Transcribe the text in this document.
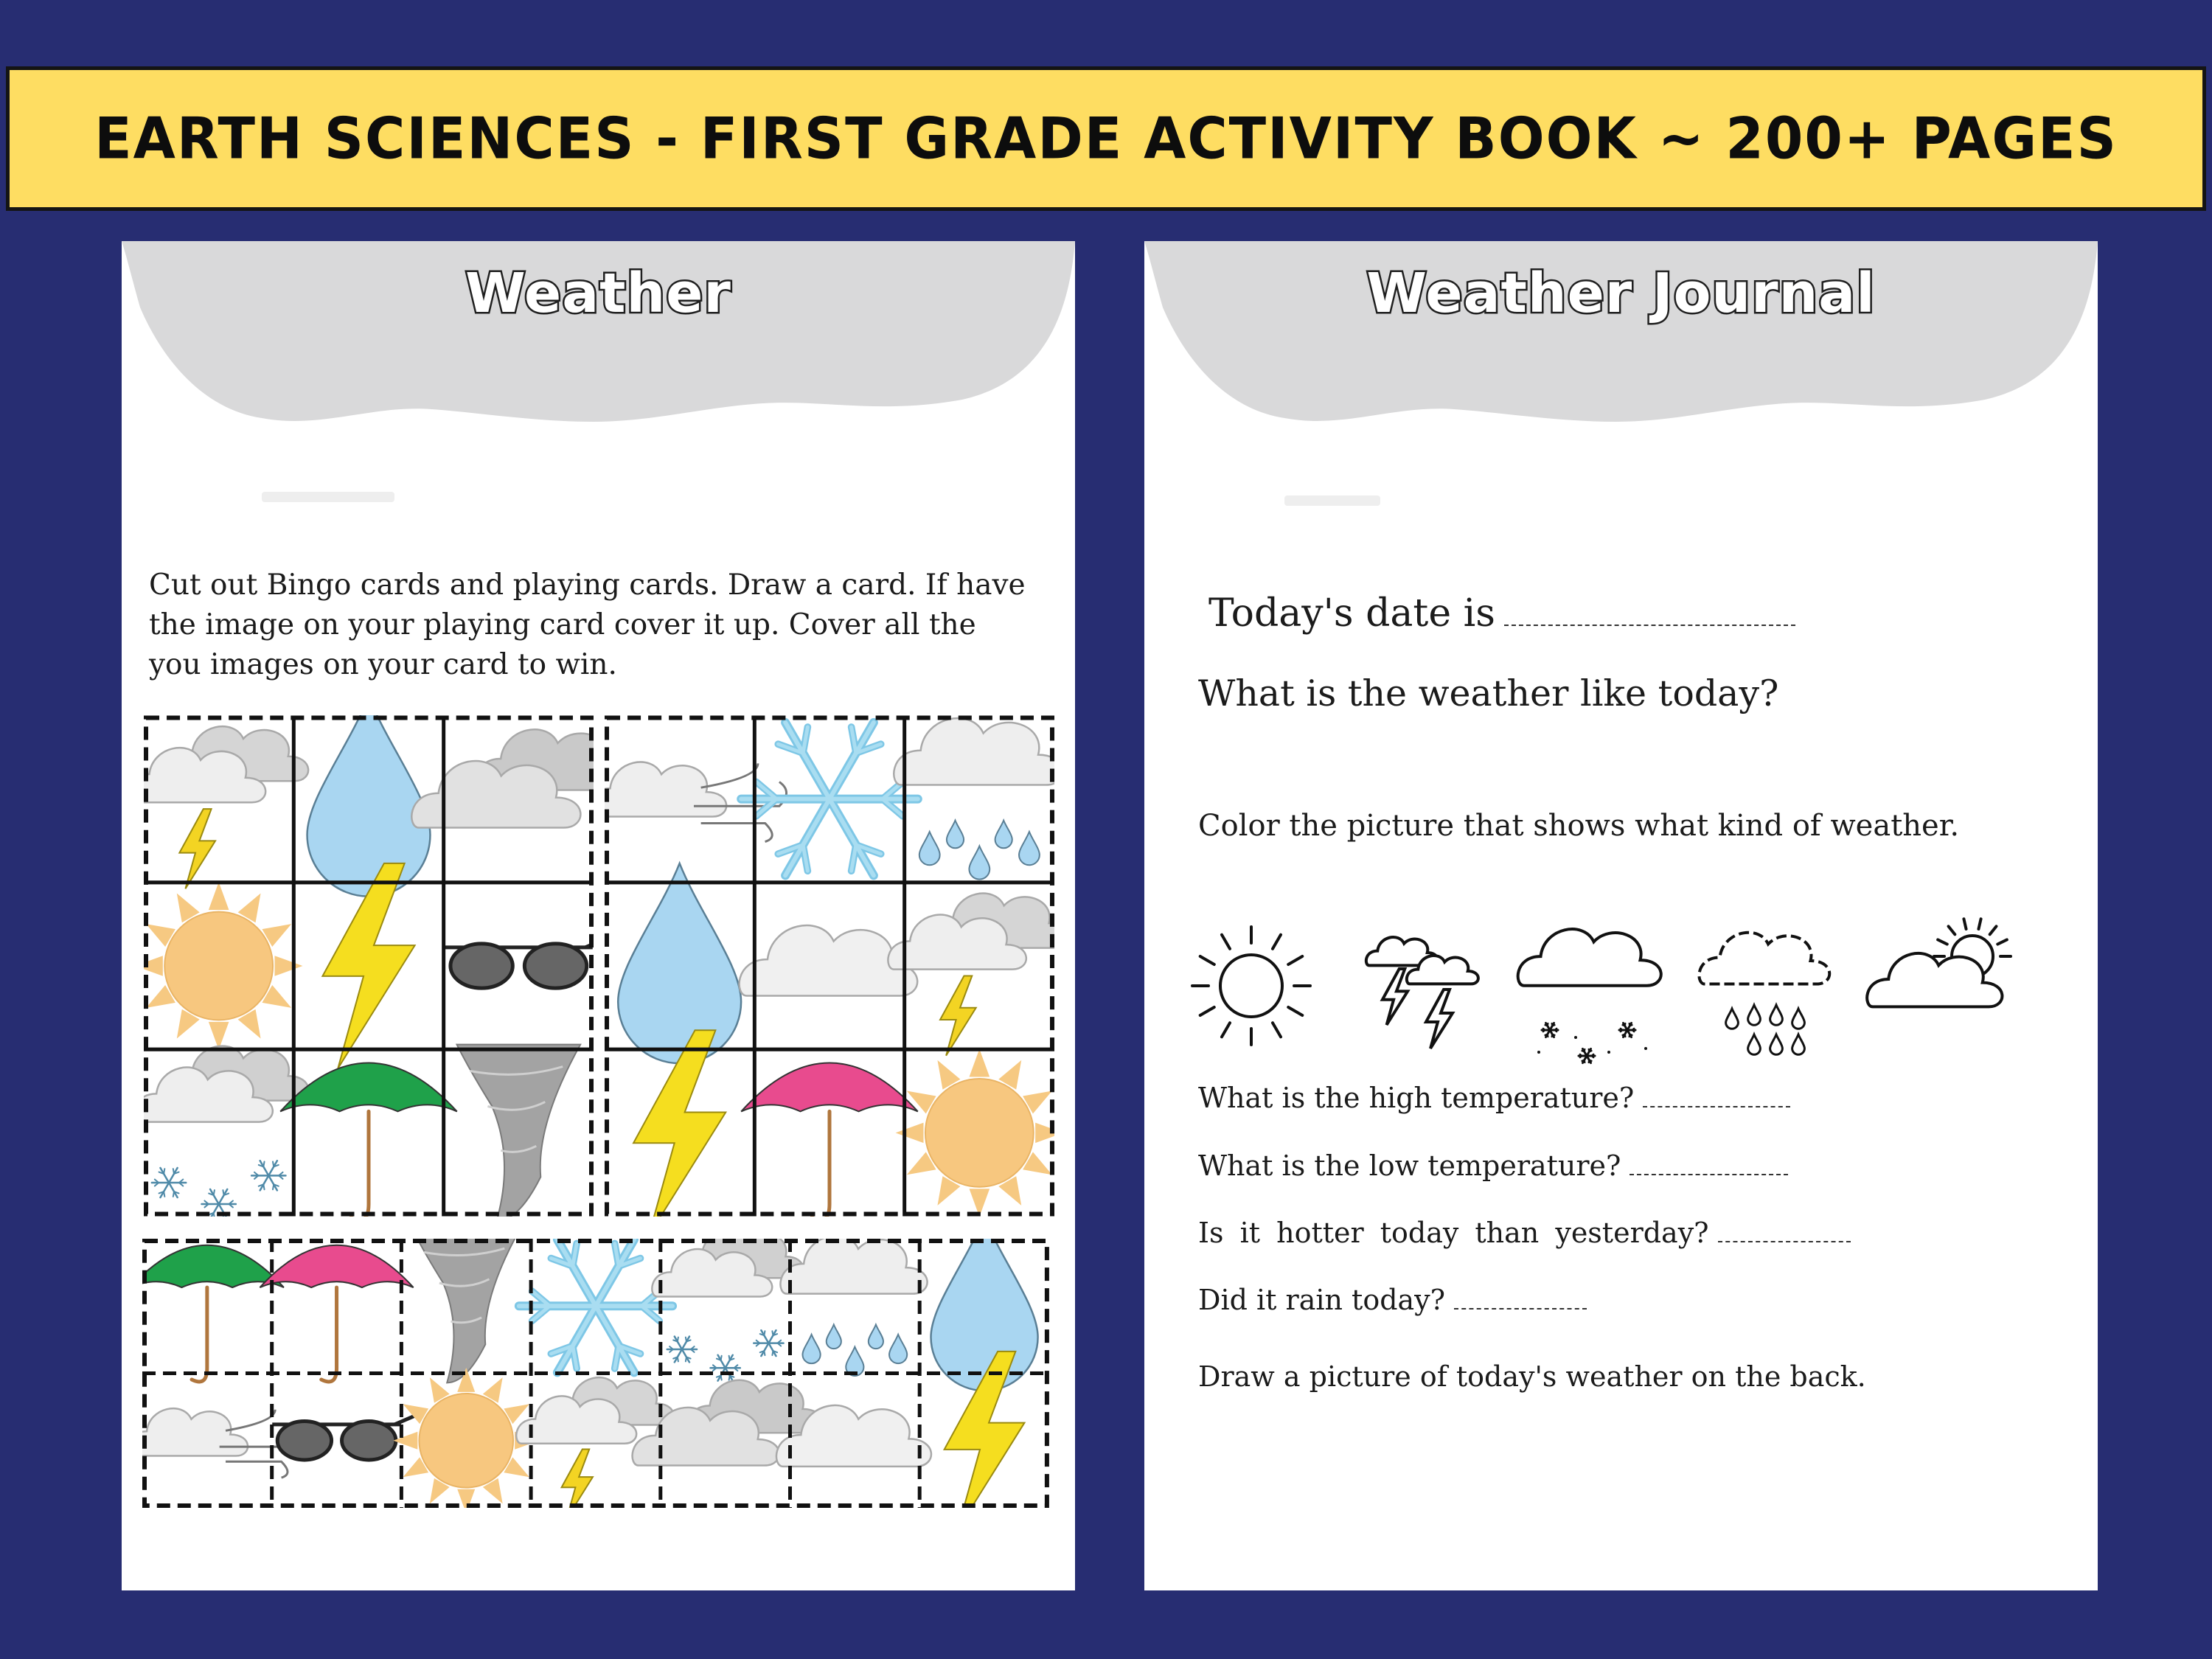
EARTH SCIENCES - FIRST GRADE ACTIVITY BOOK ~ 200+ PAGES
Weather
Cut out Bingo cards and playing cards. Draw a card. If have the image on your playing card cover it up. Cover all the you images on your card to win.
Weather Journal
Today's date is
What is the weather like today?
Color the picture that shows what kind of weather.
What is the high temperature?
What is the low temperature?
Is it hotter today than yesterday?
Did it rain today?
Draw a picture of today's weather on the back.
